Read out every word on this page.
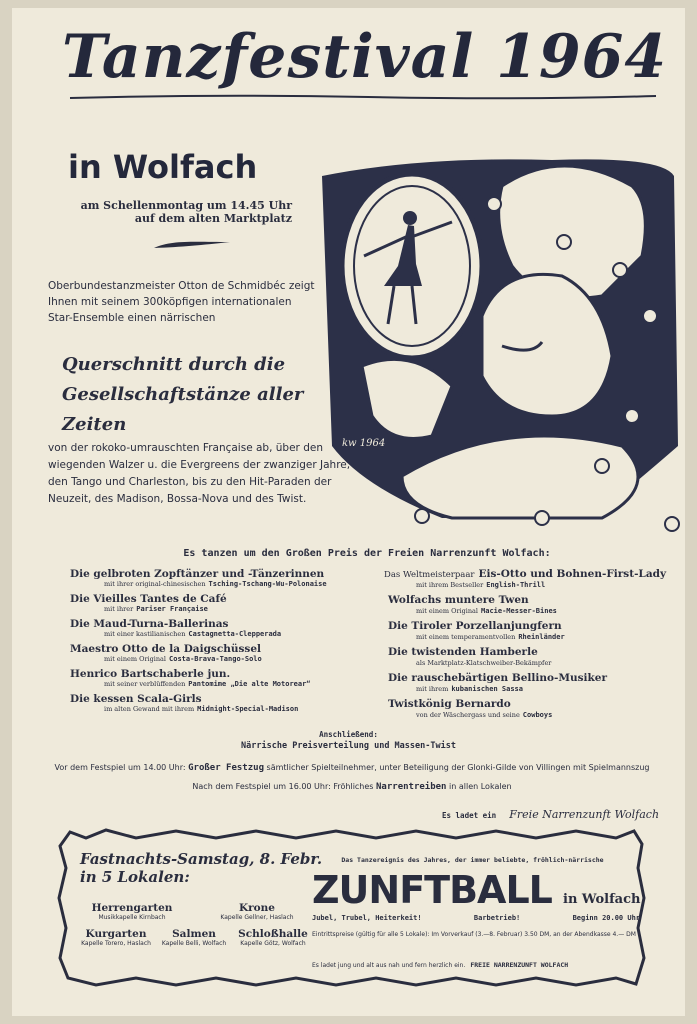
Tanzfestival 1964
in Wolfach
am Schellenmontag um 14.45 Uhr
auf dem alten Marktplatz
Oberbundestanzmeister Otton de Schmidbéc zeigt Ihnen mit seinem 300köpfigen internationalen Star-Ensemble einen närrischen
Querschnitt durch die
Gesellschaftstänze aller Zeiten
von der rokoko-umrauschten Française ab, über den wiegenden Walzer u. die Evergreens der zwanziger Jahre, den Tango und Charleston, bis zu den Hit-Paraden der Neuzeit, des Madison, Bossa-Nova und des Twist.
kw 1964
Es tanzen um den Großen Preis der Freien Narrenzunft Wolfach:
Die gelbroten Zopftänzer und -Tänzerinnen
mit ihrer original-chinesischen Tsching-Tschang-Wu-Polonaise
Die Vieilles Tantes de Café
mit ihrer Pariser Française
Die Maud-Turna-Ballerinas
mit einer kastilianischen Castagnetta-Clepperada
Maestro Otto de la Daigschüssel
mit einem Original Costa-Brava-Tango-Solo
Henrico Bartschaberle jun.
mit seiner verblüffenden Pantomime „Die alte Motorear“
Die kessen Scala-Girls
im alten Gewand mit ihrem Midnight-Special-Madison
Das Weltmeisterpaar Eis-Otto und Bohnen-First-Lady
mit ihrem Bestseller English-Thrill
Wolfachs muntere Twen
mit einem Original Macie-Messer-Bines
Die Tiroler Porzellanjungfern
mit einem temperamentvollen Rheinländer
Die twistenden Hamberle
als Marktplatz-Klatschweiber-Bekämpfer
Die rauschebärtigen Bellino-Musiker
mit ihrem kubanischen Sassa
Twistkönig Bernardo
von der Wäschergass und seine Cowboys
Anschließend:
Närrische Preisverteilung und Massen-Twist
Vor dem Festspiel um 14.00 Uhr: Großer Festzug sämtlicher Spielteilnehmer, unter Beteiligung der Glonki-Gilde von Villingen mit Spielmannszug
Nach dem Festspiel um 16.00 Uhr: Fröhliches Narrentreiben in allen Lokalen
Es ladet ein Freie Narrenzunft Wolfach
Fastnachts-Samstag, 8. Febr.
in 5 Lokalen:
Herrengarten
Musikkapelle Kirnbach
Krone
Kapelle Gellner, Haslach
Kurgarten
Kapelle Torero, Haslach
Salmen
Kapelle Belli, Wolfach
Schloßhalle
Kapelle Götz, Wolfach
Das Tanzereignis des Jahres, der immer beliebte, fröhlich-närrische
ZUNFTBALL in Wolfach
Jubel, Trubel, Heiterkeit!	Barbetrieb!	Beginn 20.00 Uhr
Eintrittspreise (gültig für alle 5 Lokale): Im Vorverkauf (3.—8. Februar) 3.50 DM, an der Abendkasse 4.— DM
Es ladet jung und alt aus nah und fern herzlich ein. FREIE NARRENZUNFT WOLFACH
